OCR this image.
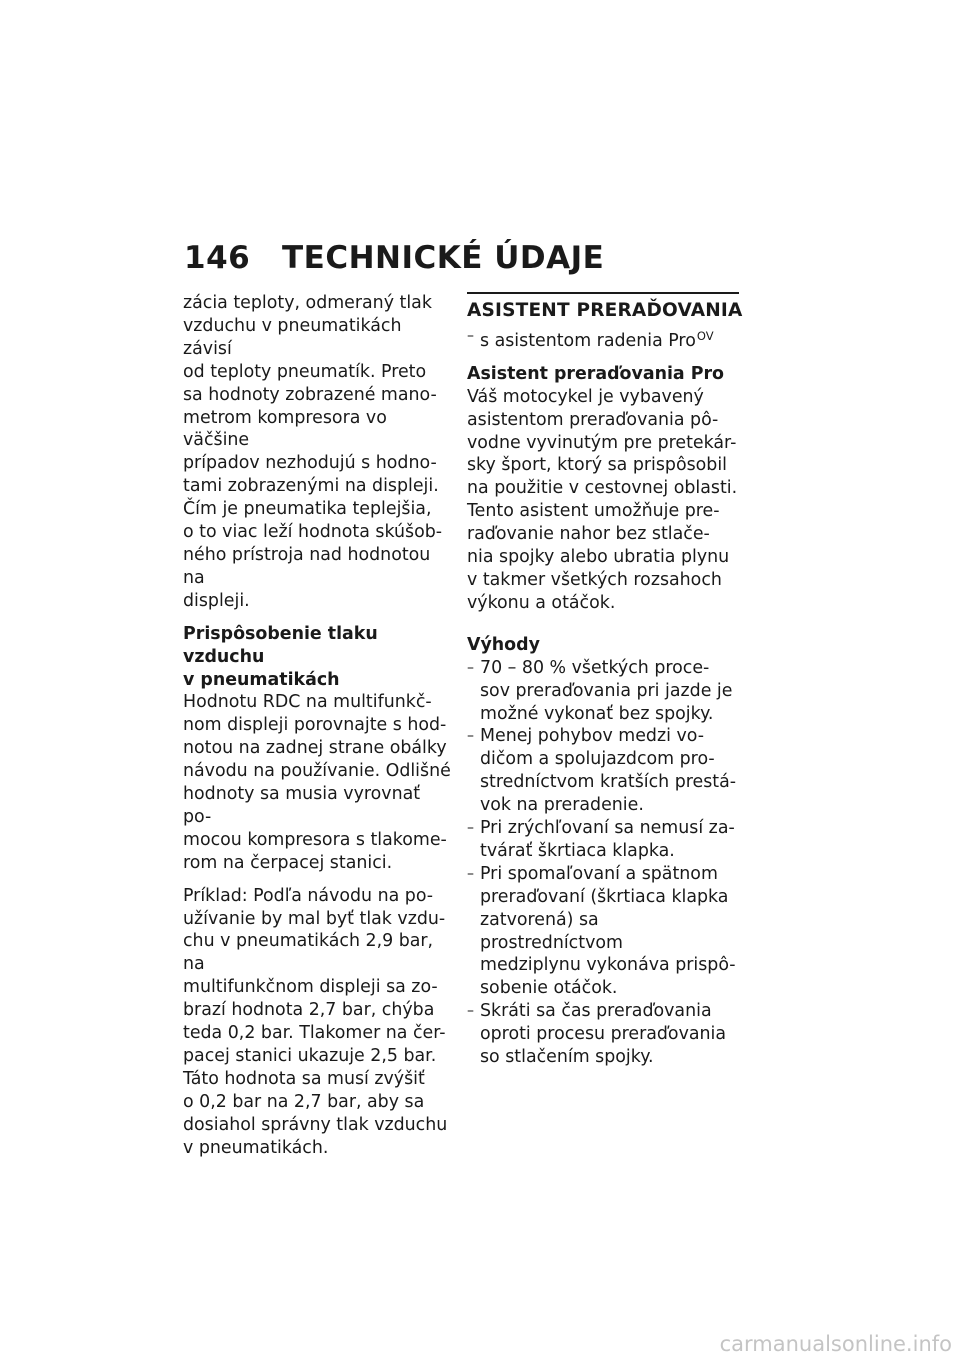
146 TECHNICKÉ ÚDAJE

zácia teploty, odmeraný tlak
vzduchu v pneumatikách závisí
od teploty pneumatík. Preto
sa hodnoty zobrazené mano-
metrom kompresora vo väčšine
prípadov nezhodujú s hodno-
tami zobrazenými na displeji.
Čím je pneumatika teplejšia,
o to viac leží hodnota skúšob-
ného prístroja nad hodnotou na
displeji.

Prispôsobenie tlaku vzduchu
v pneumatikách

Hodnotu RDC na multifunkč-
nom displeji porovnajte s hod-
notou na zadnej strane obálky
návodu na používanie. Odlišné
hodnoty sa musia vyrovnať po-
mocou kompresora s tlakome-
rom na čerpacej stanici.

Príklad: Podľa návodu na po-
užívanie by mal byť tlak vzdu-
chu v pneumatikách 2,9 bar, na
multifunkčnom displeji sa zo-
brazí hodnota 2,7 bar, chýba
teda 0,2 bar. Tlakomer na čer-
pacej stanici ukazuje 2,5 bar.
Táto hodnota sa musí zvýšiť
o 0,2 bar na 2,7 bar, aby sa
dosiahol správny tlak vzduchu
v pneumatikách.

ASISTENT PRERAĎOVANIA
– s asistentom radenia Pro$^{OV}$

Asistent preraďovania Pro

Váš motocykel je vybavený
asistentom preraďovania pô-
vodne vyvinutým pre pretekár-
sky šport, ktorý sa prispôsobil
na použitie v cestovnej oblasti.
Tento asistent umožňuje pre-
raďovanie nahor bez stlače-
nia spojky alebo ubratia plynu
v takmer všetkých rozsahoch
výkonu a otáčok.

Výhody

– 70 – 80 % všetkých proce-
sov preraďovania pri jazde je
možné vykonať bez spojky.
– Menej pohybov medzi vo-
dičom a spolujazdcom pro-
stredníctvom kratších prestá-
vok na preradenie.
– Pri zrýchľovaní sa nemusí za-
tvárať škrtiaca klapka.
– Pri spomaľovaní a spätnom
preraďovaní (škrtiaca klapka
zatvorená) sa prostredníctvom
medziplynu vykonáva prispô-
sobenie otáčok.
– Skráti sa čas preraďovania
oproti procesu preraďovania
so stlačením spojky.
carmanualsonline.info
